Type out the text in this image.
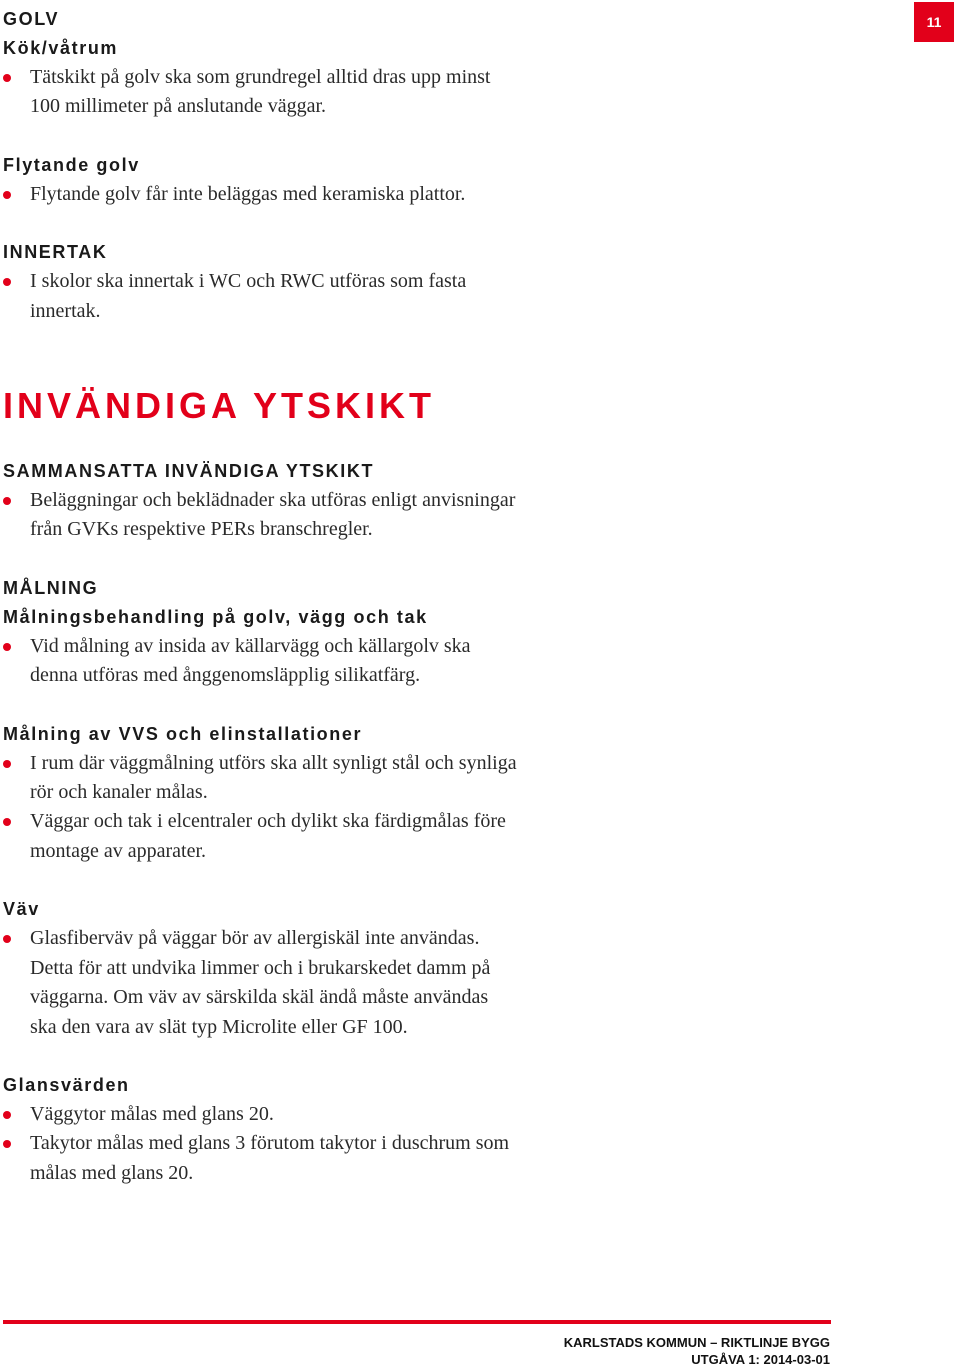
11
GOLV
Kök/våtrum
Tätskikt på golv ska som grundregel alltid dras upp minst
100 millimeter på anslutande väggar.
Flytande golv
Flytande golv får inte beläggas med keramiska plattor.
INNERTAK
I skolor ska innertak i WC och RWC utföras som fasta
innertak.
INVÄNDIGA YTSKIKT
SAMMANSATTA INVÄNDIGA YTSKIKT
Beläggningar och beklädnader ska utföras enligt anvisningar
från GVKs respektive PERs branschregler.
MÅLNING
Målningsbehandling på golv, vägg och tak
Vid målning av insida av källarvägg och källargolv ska
denna utföras med ånggenomsläpplig silikatfärg.
Målning av VVS och elinstallationer
I rum där väggmålning utförs ska allt synligt stål och synliga
rör och kanaler målas.
Väggar och tak i elcentraler och dylikt ska färdigmålas före
montage av apparater.
Väv
Glasfiberväv på väggar bör av allergiskäl inte användas.
Detta för att undvika limmer och i brukarskedet damm på
väggarna. Om väv av särskilda skäl ändå måste användas
ska den vara av slät typ Microlite eller GF 100.
Glansvärden
Väggytor målas med glans 20.
Takytor målas med glans 3 förutom takytor i duschrum som
målas med glans 20.
KARLSTADS KOMMUN – RIKTLINJE BYGG
UTGÅVA 1: 2014-03-01
